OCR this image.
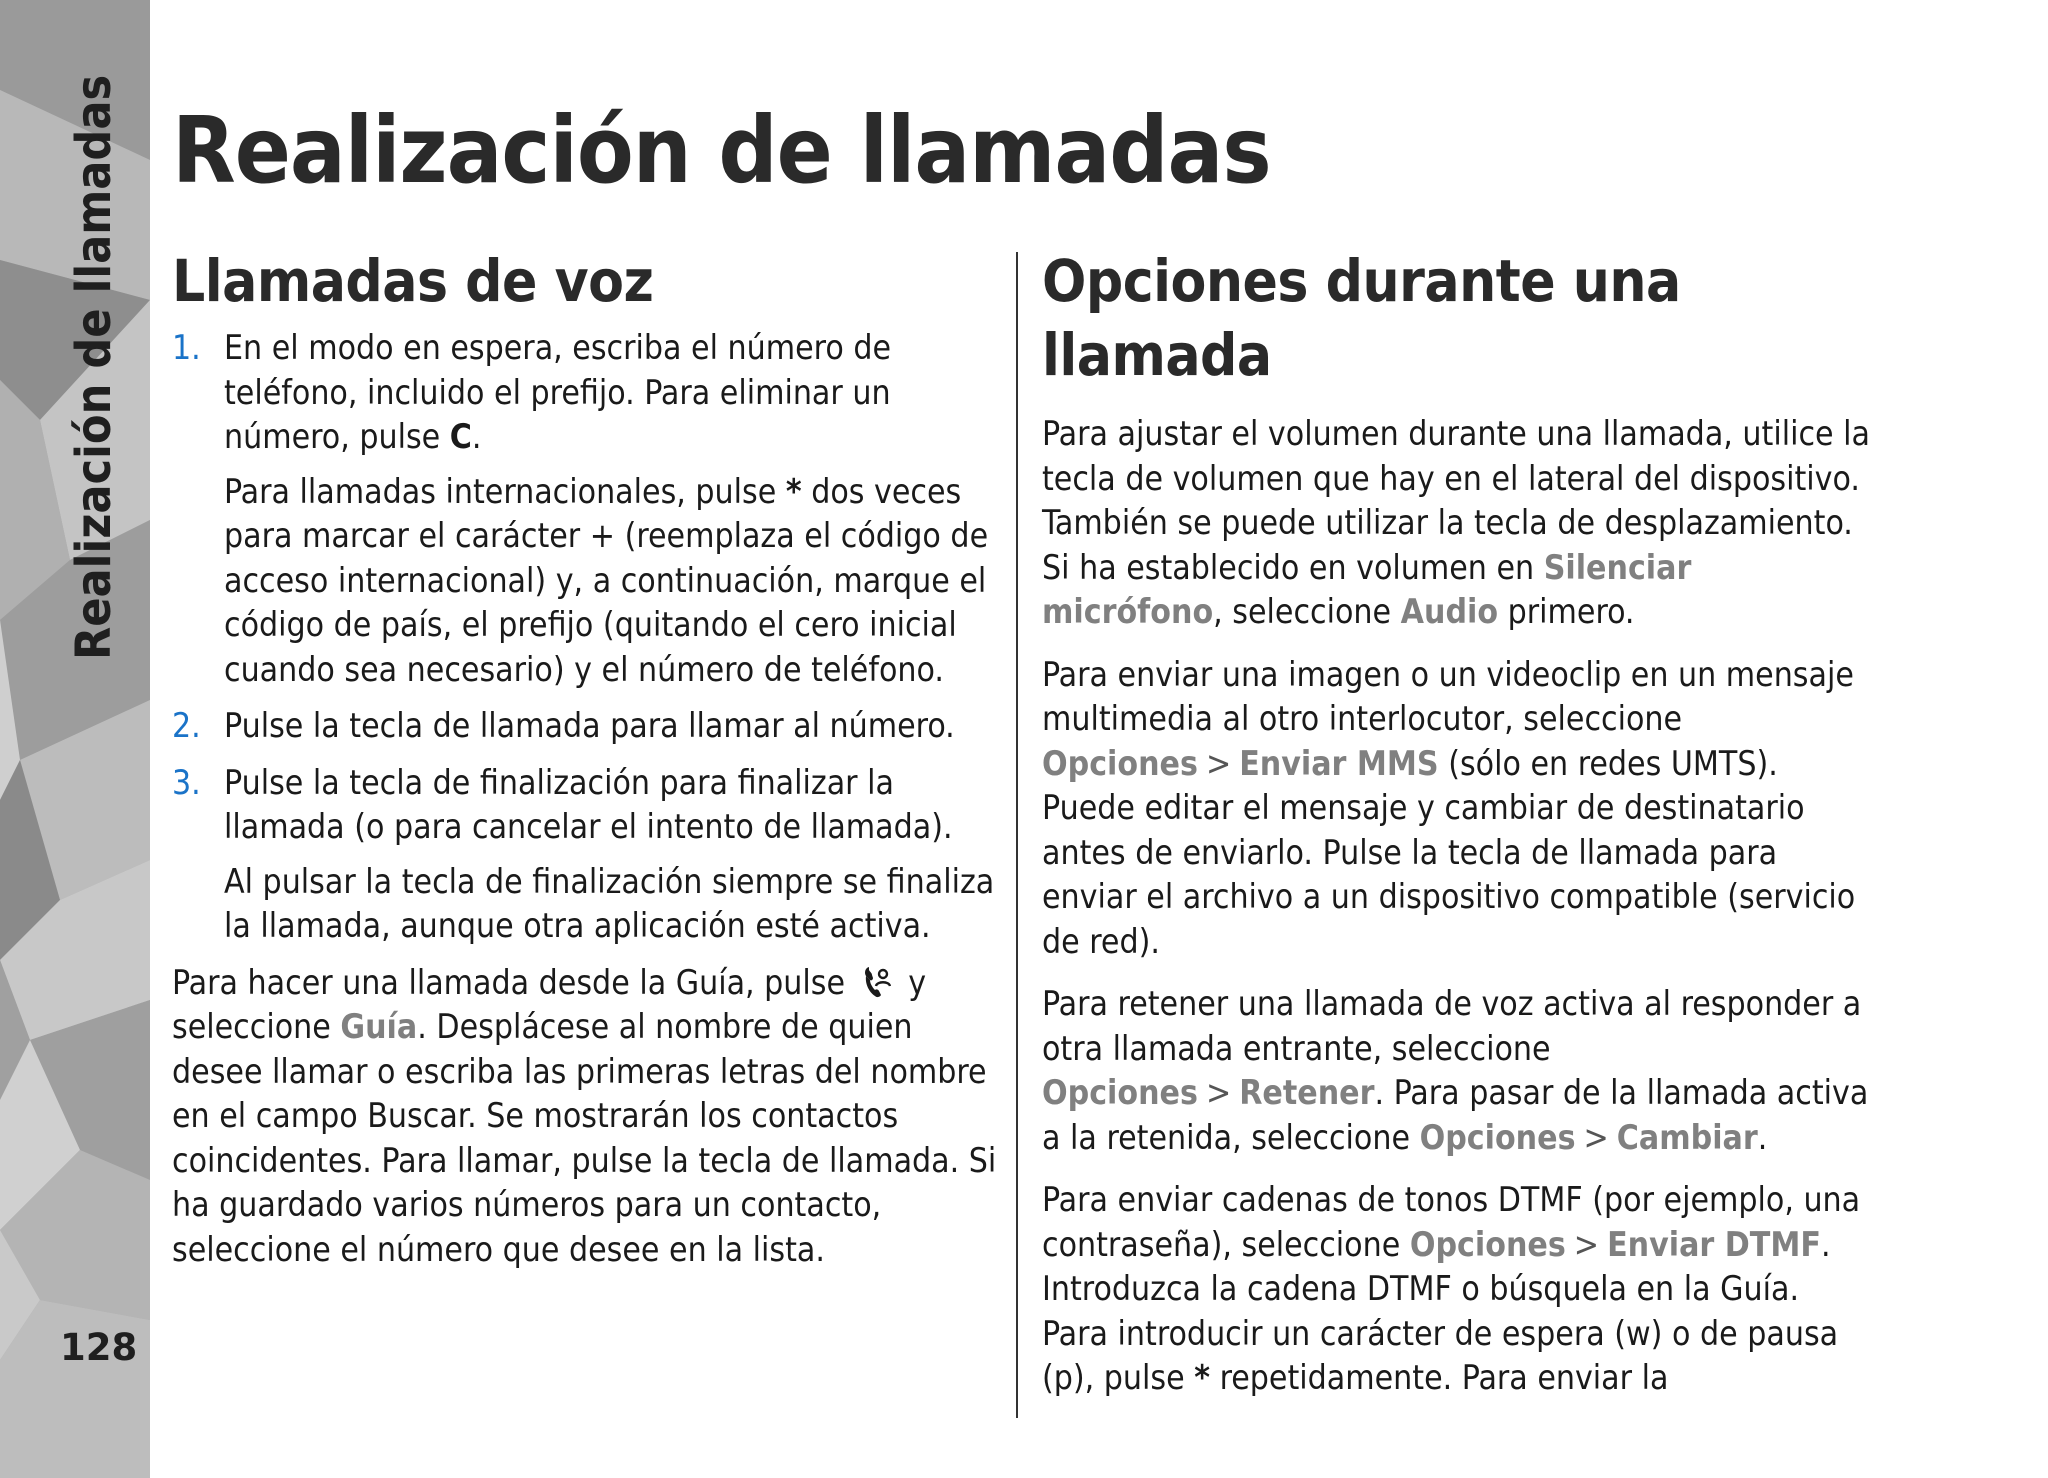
Realización de llamadas
128
Realización de llamadas
Llamadas de voz
1. En el modo en espera, escriba el número de teléfono, incluido el prefijo. Para eliminar un número, pulse C.

Para llamadas internacionales, pulse * dos veces para marcar el carácter + (reemplaza el código de acceso internacional) y, a continuación, marque el código de país, el prefijo (quitando el cero inicial cuando sea necesario) y el número de teléfono.

2. Pulse la tecla de llamada para llamar al número.

3. Pulse la tecla de finalización para finalizar la llamada (o para cancelar el intento de llamada).

Al pulsar la tecla de finalización siempre se finaliza la llamada, aunque otra aplicación esté activa.

Para hacer una llamada desde la Guía, pulse  y seleccione Guía. Desplácese al nombre de quien desee llamar o escriba las primeras letras del nombre en el campo Buscar. Se mostrarán los contactos coincidentes. Para llamar, pulse la tecla de llamada. Si ha guardado varios números para un contacto, seleccione el número que desee en la lista.

Opciones durante una llamada

Para ajustar el volumen durante una llamada, utilice la tecla de volumen que hay en el lateral del dispositivo. También se puede utilizar la tecla de desplazamiento. Si ha establecido en volumen en Silenciar micrófono, seleccione Audio primero.

Para enviar una imagen o un videoclip en un mensaje multimedia al otro interlocutor, seleccione Opciones > Enviar MMS (sólo en redes UMTS). Puede editar el mensaje y cambiar de destinatario antes de enviarlo. Pulse la tecla de llamada para enviar el archivo a un dispositivo compatible (servicio de red).

Para retener una llamada de voz activa al responder a otra llamada entrante, seleccione Opciones > Retener. Para pasar de la llamada activa a la retenida, seleccione Opciones > Cambiar.

Para enviar cadenas de tonos DTMF (por ejemplo, una contraseña), seleccione Opciones > Enviar DTMF. Introduzca la cadena DTMF o búsquela en la Guía. Para introducir un carácter de espera (w) o de pausa (p), pulse * repetidamente. Para enviar la
